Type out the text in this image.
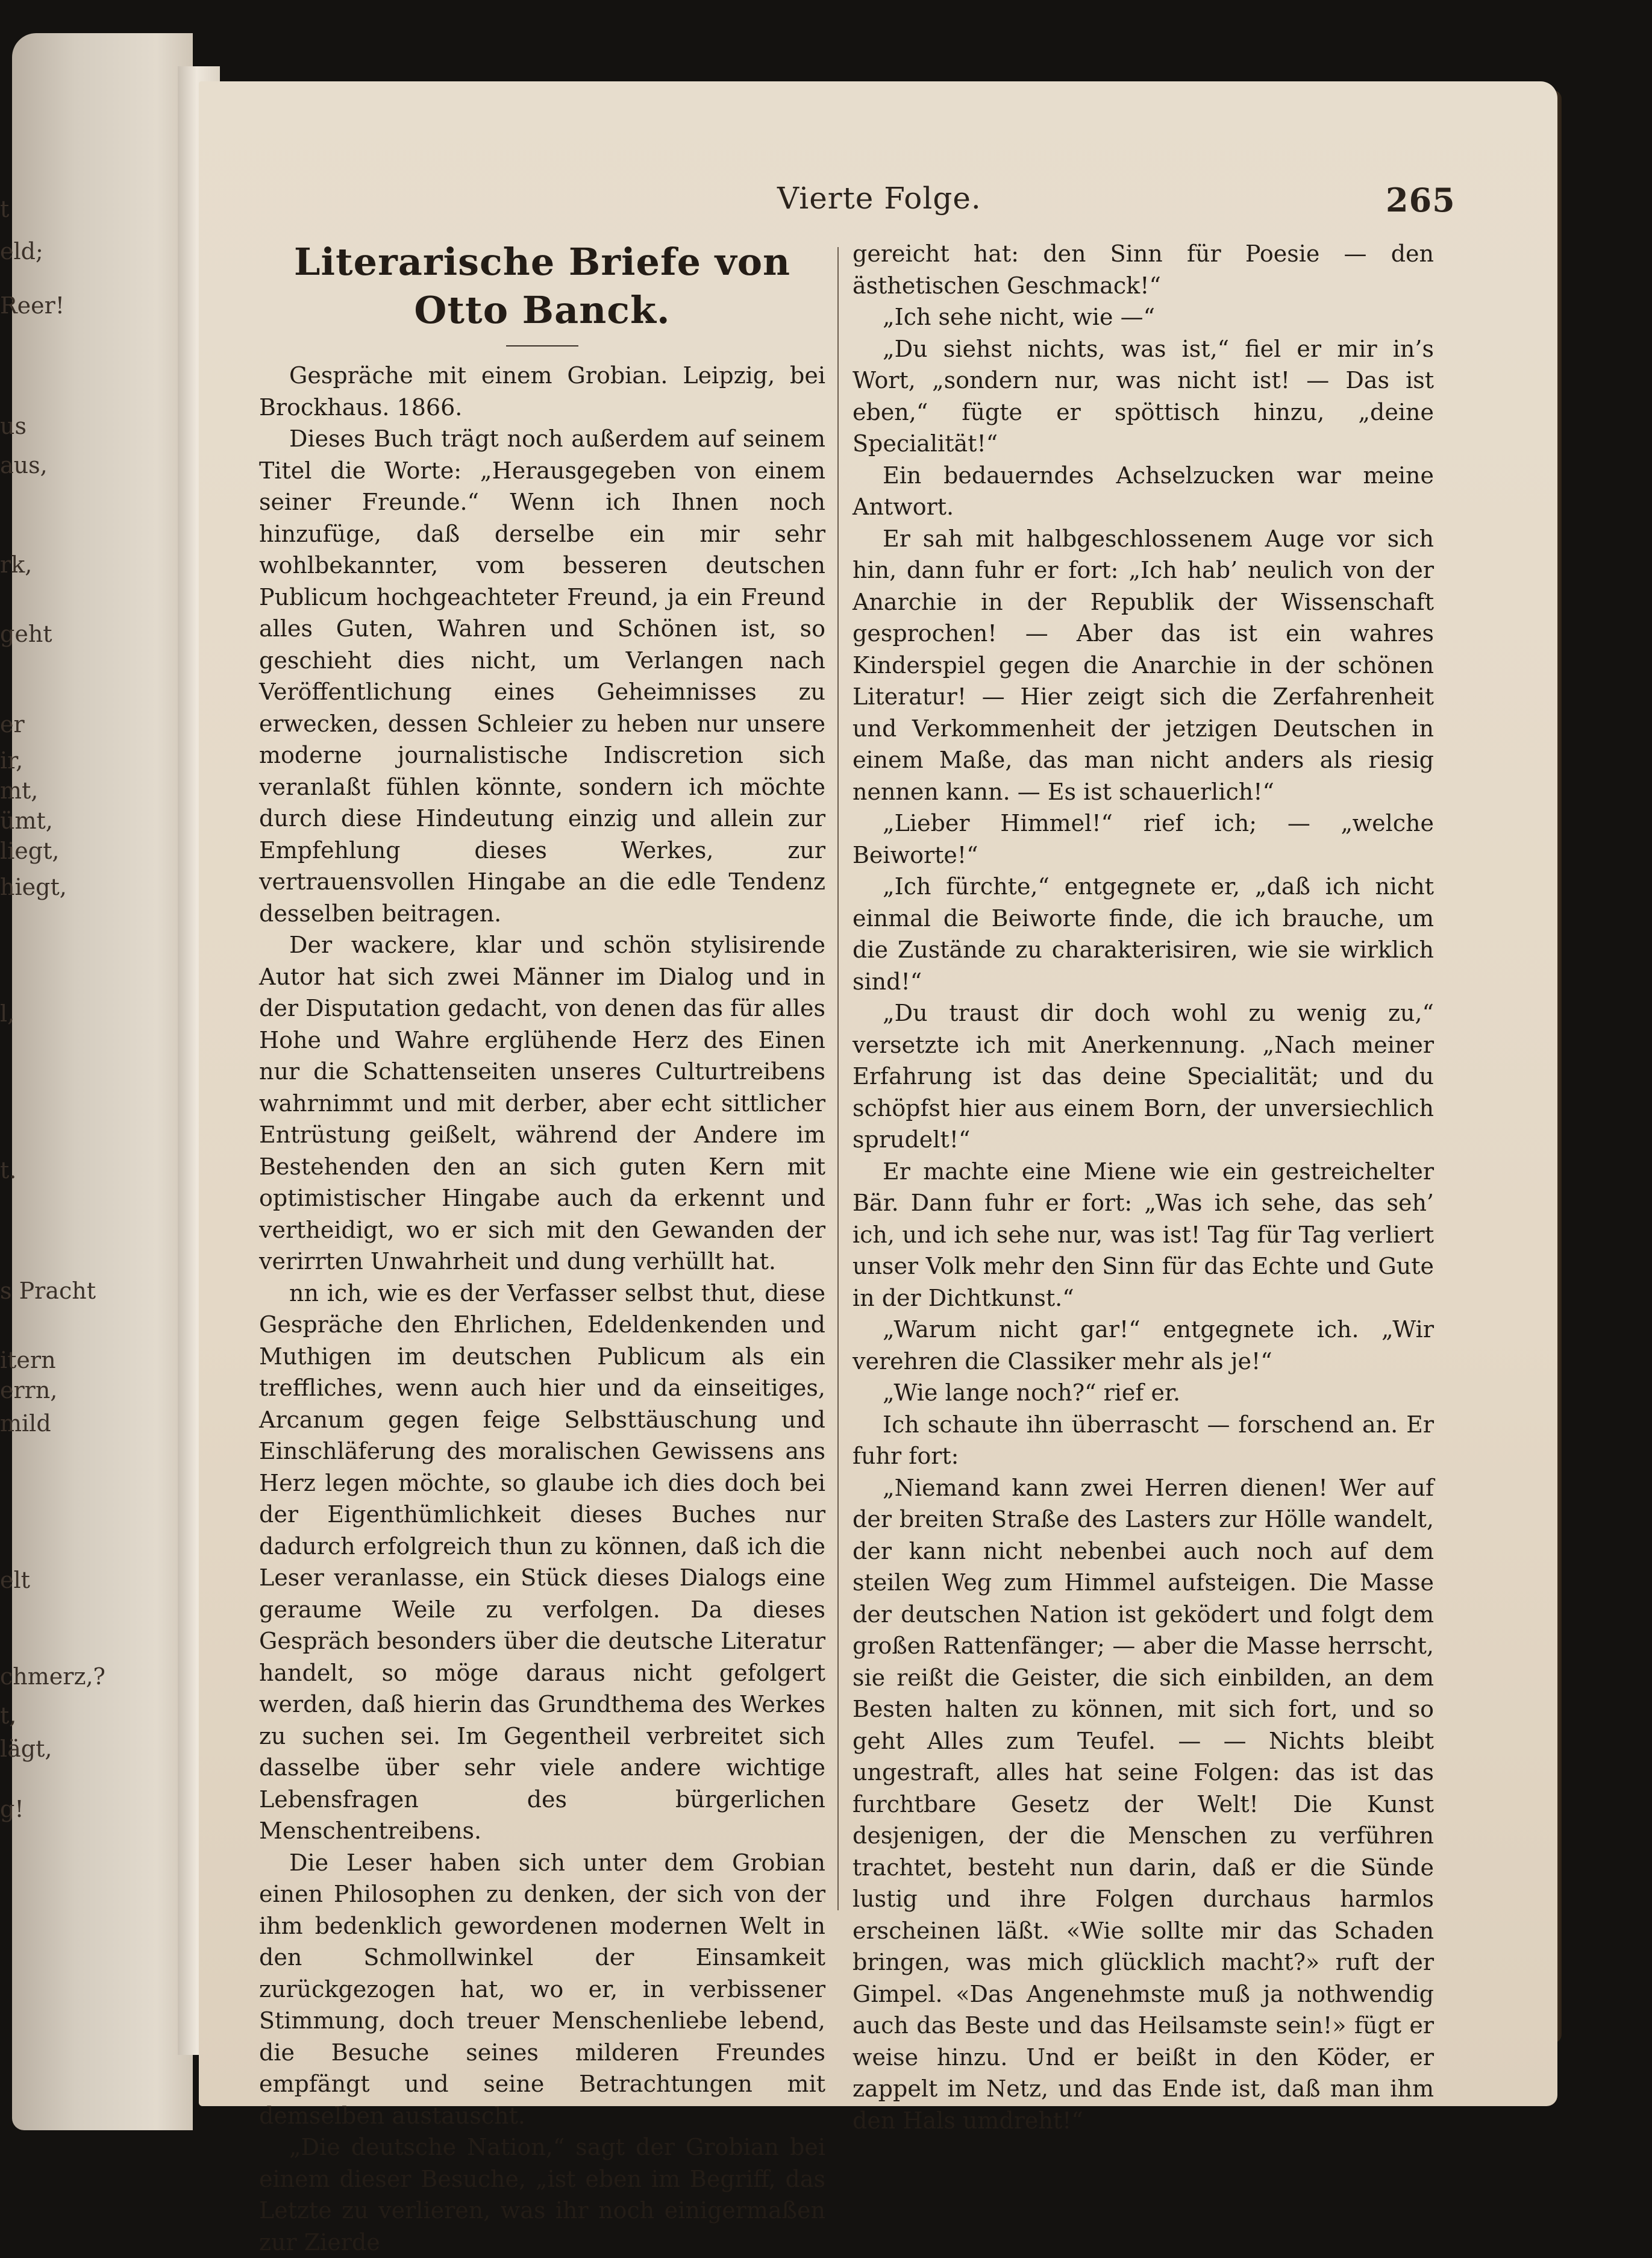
t
eld;
Reer!
us
aus,
rk,
geht
er
ir,
mt,
ümt,
liegt,
hiegt,
l,
t.
s Pracht
itern
errn,
mild
elt
chmerz,?
t,
lägt,
g!
Vierte Folge.	265
Literarische Briefe von Otto Banck.

Gespräche mit einem Grobian. Leipzig, bei Brockhaus. 1866.

Dieses Buch trägt noch außerdem auf seinem Titel die Worte: „Herausgegeben von einem seiner Freunde.“ Wenn ich Ihnen noch hinzufüge, daß derselbe ein mir sehr wohlbekannter, vom besseren deutschen Publicum hochgeachteter Freund, ja ein Freund alles Guten, Wahren und Schönen ist, so geschieht dies nicht, um Verlangen nach Veröffentlichung eines Geheimnisses zu erwecken, dessen Schleier zu heben nur unsere moderne journalistische Indiscretion sich veranlaßt fühlen könnte, sondern ich möchte durch diese Hindeutung einzig und allein zur Empfehlung dieses Werkes, zur vertrauensvollen Hingabe an die edle Tendenz desselben beitragen.

Der wackere, klar und schön stylisirende Autor hat sich zwei Männer im Dialog und in der Disputation gedacht, von denen das für alles Hohe und Wahre erglühende Herz des Einen nur die Schattenseiten unseres Culturtreibens wahrnimmt und mit derber, aber echt sittlicher Entrüstung geißelt, während der Andere im Bestehenden den an sich guten Kern mit optimistischer Hingabe auch da erkennt und vertheidigt, wo er sich mit den Gewanden der verirrten Unwahrheit und dung verhüllt hat.

nn ich, wie es der Verfasser selbst thut, diese Gespräche den Ehrlichen, Edeldenkenden und Muthigen im deutschen Publicum als ein treffliches, wenn auch hier und da einseitiges, Arcanum gegen feige Selbsttäuschung und Einschläferung des moralischen Gewissens ans Herz legen möchte, so glaube ich dies doch bei der Eigenthümlichkeit dieses Buches nur dadurch erfolgreich thun zu können, daß ich die Leser veranlasse, ein Stück dieses Dialogs eine geraume Weile zu verfolgen. Da dieses Gespräch besonders über die deutsche Literatur handelt, so möge daraus nicht gefolgert werden, daß hierin das Grundthema des Werkes zu suchen sei. Im Gegentheil verbreitet sich dasselbe über sehr viele andere wichtige Lebensfragen des bürgerlichen Menschentreibens.

Die Leser haben sich unter dem Grobian einen Philosophen zu denken, der sich von der ihm bedenklich gewordenen modernen Welt in den Schmollwinkel der Einsamkeit zurückgezogen hat, wo er, in verbissener Stimmung, doch treuer Menschenliebe lebend, die Besuche seines milderen Freundes empfängt und seine Betrachtungen mit demselben austauscht.

„Die deutsche Nation,“ sagt der Grobian bei einem dieser Besuche, „ist eben im Begriff, das Letzte zu verlieren, was ihr noch einigermaßen zur Zierde

gereicht hat: den Sinn für Poesie — den ästhetischen Geschmack!“

„Ich sehe nicht, wie —“

„Du siehst nichts, was ist,“ fiel er mir in’s Wort, „sondern nur, was nicht ist! — Das ist eben,“ fügte er spöttisch hinzu, „deine Specialität!“

Ein bedauerndes Achselzucken war meine Antwort.

Er sah mit halbgeschlossenem Auge vor sich hin, dann fuhr er fort: „Ich hab’ neulich von der Anarchie in der Republik der Wissenschaft gesprochen! — Aber das ist ein wahres Kinderspiel gegen die Anarchie in der schönen Literatur! — Hier zeigt sich die Zerfahrenheit und Verkommenheit der jetzigen Deutschen in einem Maße, das man nicht anders als riesig nennen kann. — Es ist schauerlich!“

„Lieber Himmel!“ rief ich; — „welche Beiworte!“

„Ich fürchte,“ entgegnete er, „daß ich nicht einmal die Beiworte finde, die ich brauche, um die Zustände zu charakterisiren, wie sie wirklich sind!“

„Du traust dir doch wohl zu wenig zu,“ versetzte ich mit Anerkennung. „Nach meiner Erfahrung ist das deine Specialität; und du schöpfst hier aus einem Born, der unversiechlich sprudelt!“

Er machte eine Miene wie ein gestreichelter Bär. Dann fuhr er fort: „Was ich sehe, das seh’ ich, und ich sehe nur, was ist! Tag für Tag verliert unser Volk mehr den Sinn für das Echte und Gute in der Dichtkunst.“

„Warum nicht gar!“ entgegnete ich. „Wir verehren die Classiker mehr als je!“

„Wie lange noch?“ rief er.

Ich schaute ihn überrascht — forschend an. Er fuhr fort:

„Niemand kann zwei Herren dienen! Wer auf der breiten Straße des Lasters zur Hölle wandelt, der kann nicht nebenbei auch noch auf dem steilen Weg zum Himmel aufsteigen. Die Masse der deutschen Nation ist geködert und folgt dem großen Rattenfänger; — aber die Masse herrscht, sie reißt die Geister, die sich einbilden, an dem Besten halten zu können, mit sich fort, und so geht Alles zum Teufel. — — Nichts bleibt ungestraft, alles hat seine Folgen: das ist das furchtbare Gesetz der Welt! Die Kunst desjenigen, der die Menschen zu verführen trachtet, besteht nun darin, daß er die Sünde lustig und ihre Folgen durchaus harmlos erscheinen läßt. «Wie sollte mir das Schaden bringen, was mich glücklich macht?» ruft der Gimpel. «Das Angenehmste muß ja nothwendig auch das Beste und das Heilsamste sein!» fügt er weise hinzu. Und er beißt in den Köder, er zappelt im Netz, und das Ende ist, daß man ihm den Hals umdreht!“
